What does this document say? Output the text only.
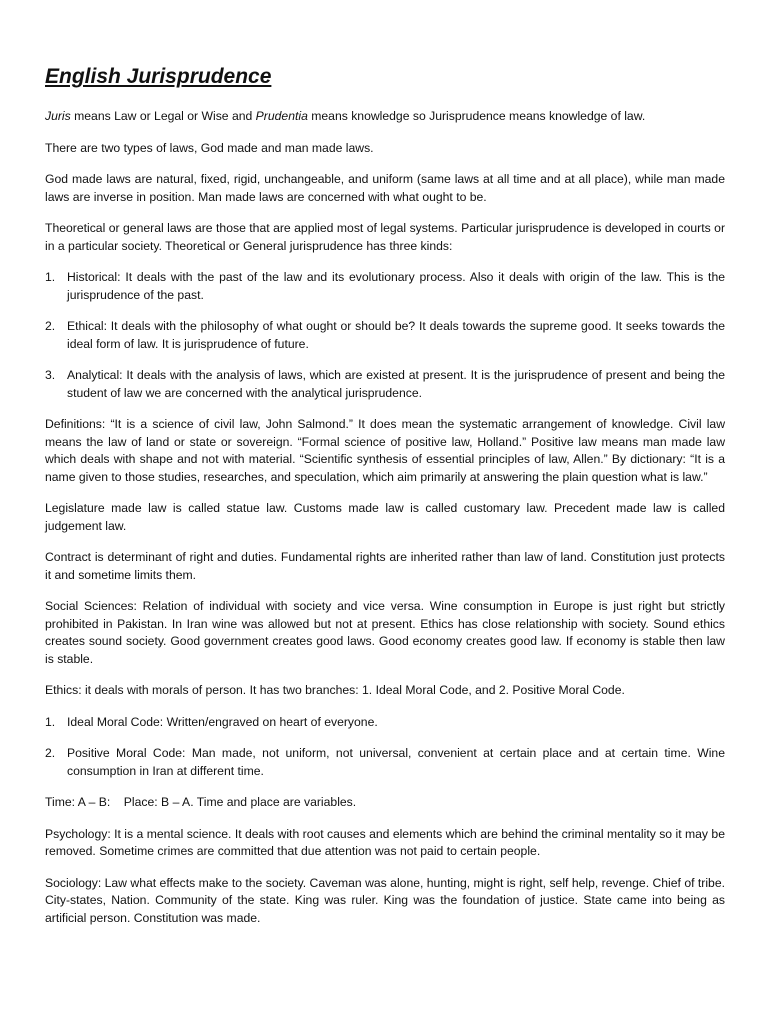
English Jurisprudence

Juris means Law or Legal or Wise and Prudentia means knowledge so Jurisprudence means knowledge of law.

There are two types of laws, God made and man made laws.

God made laws are natural, fixed, rigid, unchangeable, and uniform (same laws at all time and at all place), while man made laws are inverse in position. Man made laws are concerned with what ought to be.

Theoretical or general laws are those that are applied most of legal systems. Particular jurisprudence is developed in courts or in a particular society. Theoretical or General jurisprudence has three kinds:

1. Historical: It deals with the past of the law and its evolutionary process. Also it deals with origin of the law. This is the jurisprudence of the past.
2. Ethical: It deals with the philosophy of what ought or should be? It deals towards the supreme good. It seeks towards the ideal form of law. It is jurisprudence of future.
3. Analytical: It deals with the analysis of laws, which are existed at present. It is the jurisprudence of present and being the student of law we are concerned with the analytical jurisprudence.

Definitions: “It is a science of civil law, John Salmond.” It does mean the systematic arrangement of knowledge. Civil law means the law of land or state or sovereign. “Formal science of positive law, Holland.” Positive law means man made law which deals with shape and not with material. “Scientific synthesis of essential principles of law, Allen.” By dictionary: “It is a name given to those studies, researches, and speculation, which aim primarily at answering the plain question what is law.”

Legislature made law is called statue law. Customs made law is called customary law. Precedent made law is called judgement law.

Contract is determinant of right and duties. Fundamental rights are inherited rather than law of land. Constitution just protects it and sometime limits them.

Social Sciences: Relation of individual with society and vice versa. Wine consumption in Europe is just right but strictly prohibited in Pakistan. In Iran wine was allowed but not at present. Ethics has close relationship with society. Sound ethics creates sound society. Good government creates good laws. Good economy creates good law. If economy is stable then law is stable.

Ethics: it deals with morals of person. It has two branches: 1. Ideal Moral Code, and 2. Positive Moral Code.

1. Ideal Moral Code: Written/engraved on heart of everyone.
2. Positive Moral Code: Man made, not uniform, not universal, convenient at certain place and at certain time. Wine consumption in Iran at different time.

Time: A – B:    Place: B – A. Time and place are variables.

Psychology: It is a mental science. It deals with root causes and elements which are behind the criminal mentality so it may be removed. Sometime crimes are committed that due attention was not paid to certain people.

Sociology: Law what effects make to the society. Caveman was alone, hunting, might is right, self help, revenge. Chief of tribe. City-states, Nation. Community of the state. King was ruler. King was the foundation of justice. State came into being as artificial person. Constitution was made.
